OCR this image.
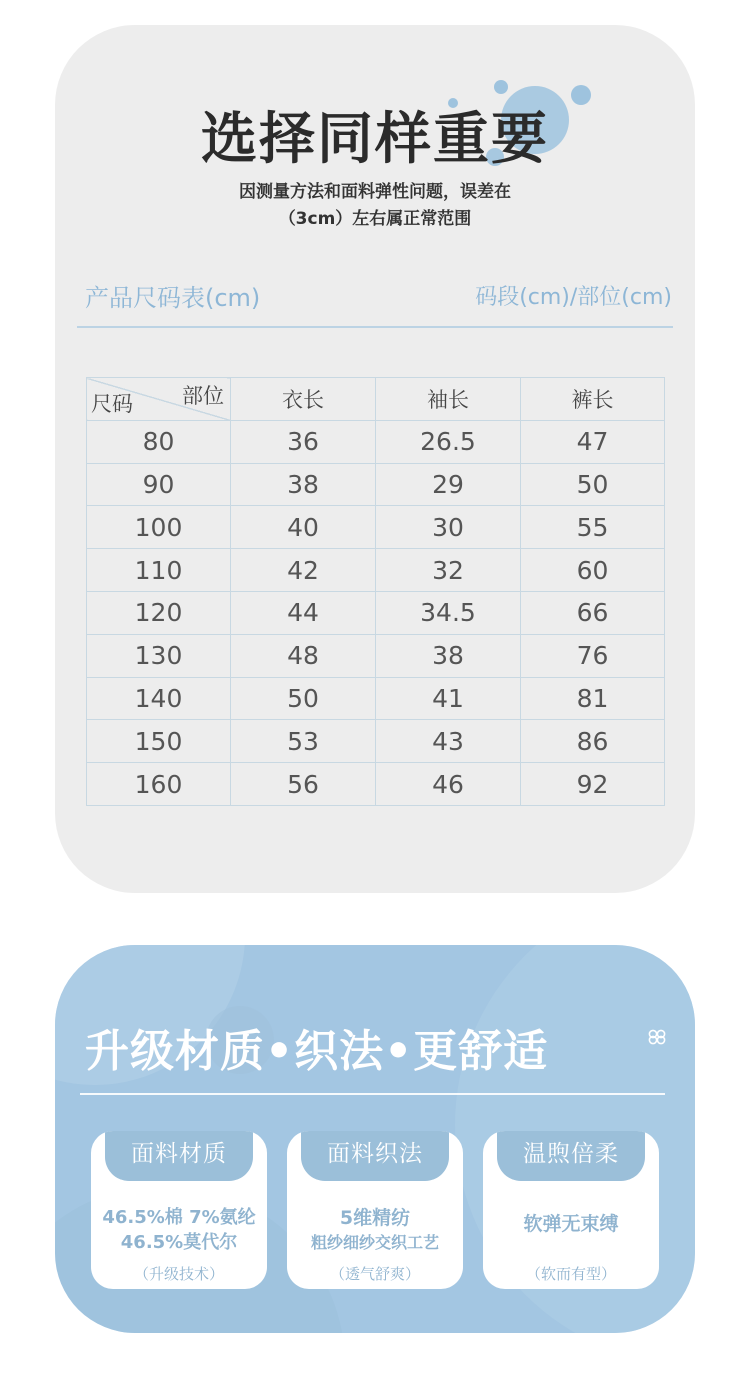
选择同样重要
因测量方法和面料弹性问题，误差在
（3cm）左右属正常范围
产品尺码表(cm)	码段(cm)/部位(cm)
部位
尺码	衣长	袖长	裤长
80	36	26.5	47
90	38	29	50
100	40	30	55
110	42	32	60
120	44	34.5	66
130	48	38	76
140	50	41	81
150	53	43	86
160	56	46	92
升级材质•织法•更舒适
面料材质
46.5%棉 7%氨纶
46.5%莫代尔
（升级技术）
面料织法
5维精纺
粗纱细纱交织工艺
（透气舒爽）
温煦倍柔
软弹无束缚
（软而有型）
